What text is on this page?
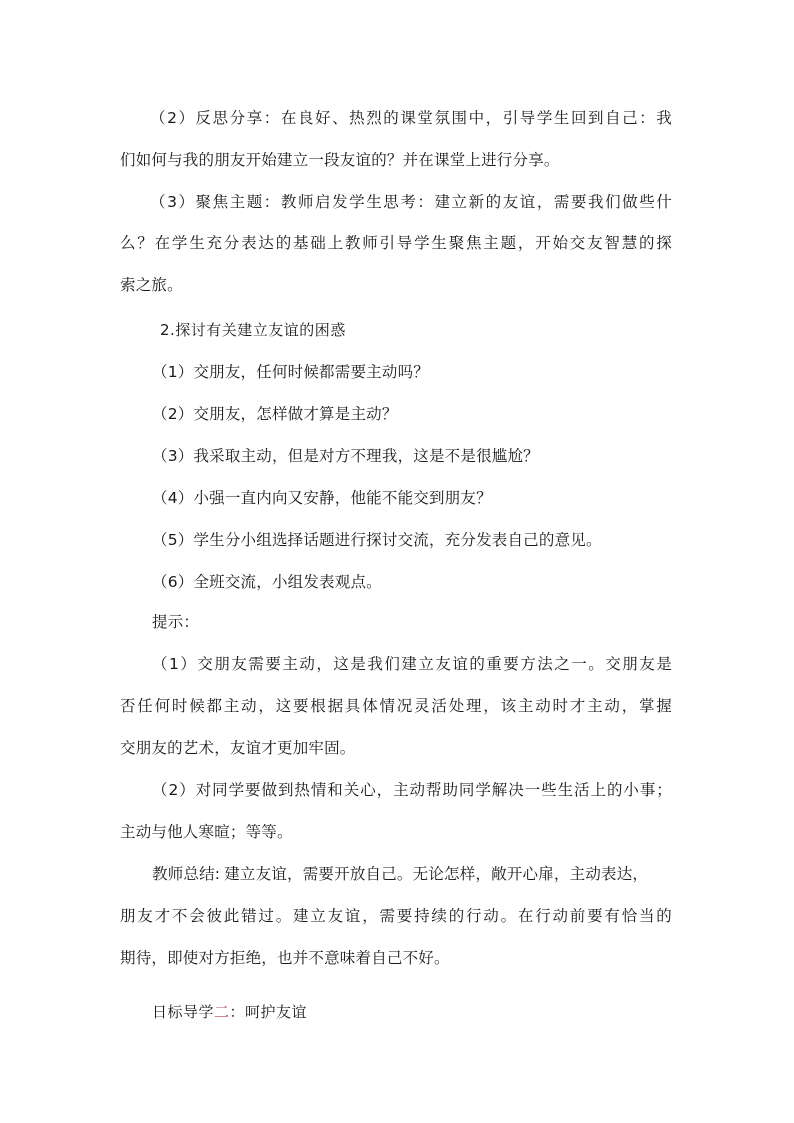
（2）反思分享：在良好、热烈的课堂氛围中，引导学生回到自己：我
们如何与我的朋友开始建立一段友谊的？并在课堂上进行分享。
（3）聚焦主题：教师启发学生思考：建立新的友谊，需要我们做些什
么？在学生充分表达的基础上教师引导学生聚焦主题，开始交友智慧的探
索之旅。
2.探讨有关建立友谊的困惑
（1）交朋友，任何时候都需要主动吗？
（2）交朋友，怎样做才算是主动？
（3）我采取主动，但是对方不理我，这是不是很尴尬？
（4）小强一直内向又安静，他能不能交到朋友？
（5）学生分小组选择话题进行探讨交流，充分发表自己的意见。
（6）全班交流，小组发表观点。
提示：
（1）交朋友需要主动，这是我们建立友谊的重要方法之一。交朋友是
否任何时候都主动，这要根据具体情况灵活处理，该主动时才主动，掌握
交朋友的艺术，友谊才更加牢固。
（2）对同学要做到热情和关心，主动帮助同学解决一些生活上的小事；
主动与他人寒暄；等等。
教师总结: 建立友谊，需要开放自己。无论怎样，敞开心扉，主动表达，
朋友才不会彼此错过。建立友谊，需要持续的行动。在行动前要有恰当的
期待，即使对方拒绝，也并不意味着自己不好。
日标导学二：呵护友谊
